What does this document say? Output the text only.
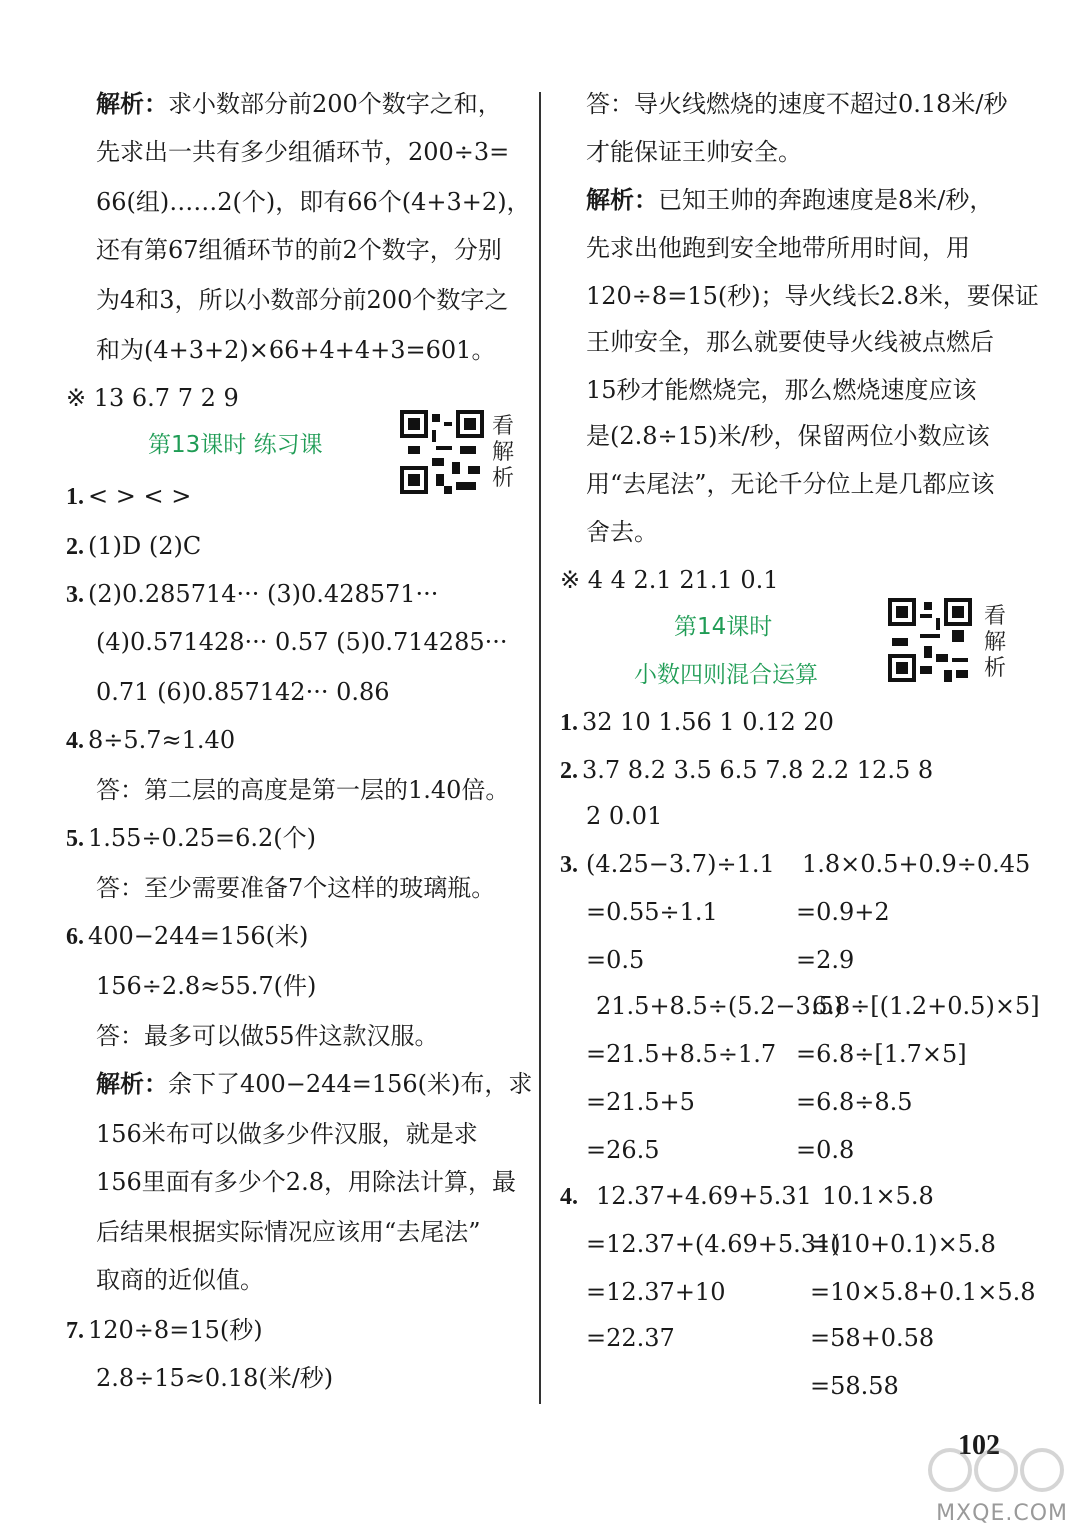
解析：求小数部分前200个数字之和，
先求出一共有多少组循环节，200÷3=
66(组)……2(个)，即有66个(4+3+2)，
还有第67组循环节的前2个数字，分别
为4和3，所以小数部分前200个数字之
和为(4+3+2)×66+4+4+3=601。
※ 13 6.7 7 2 9
第13课时 练习课
看解析
1. < > < >
2. (1)D (2)C
3. (2)0.285714··· (3)0.428571···
(4)0.571428··· 0.57 (5)0.714285···
0.71 (6)0.857142··· 0.86
4. 8÷5.7≈1.40
答：第二层的高度是第一层的1.40倍。
5. 1.55÷0.25=6.2(个)
答：至少需要准备7个这样的玻璃瓶。
6. 400−244=156(米)
156÷2.8≈55.7(件)
答：最多可以做55件这款汉服。
解析：余下了400−244=156(米)布，求
156米布可以做多少件汉服，就是求
156里面有多少个2.8，用除法计算，最
后结果根据实际情况应该用“去尾法”
取商的近似值。
7. 120÷8=15(秒)
2.8÷15≈0.18(米/秒)
答：导火线燃烧的速度不超过0.18米/秒
才能保证王帅安全。
解析：已知王帅的奔跑速度是8米/秒，
先求出他跑到安全地带所用时间，用
120÷8=15(秒)；导火线长2.8米，要保证
王帅安全，那么就要使导火线被点燃后
15秒才能燃烧完，那么燃烧速度应该
是(2.8÷15)米/秒，保留两位小数应该
用“去尾法”，无论千分位上是几都应该
舍去。
※ 4 4 2.1 21.1 0.1
第14课时
小数四则混合运算
看解析
1. 32 10 1.56 1 0.12 20
2. 3.7 8.2 3.5 6.5 7.8 2.2 12.5 8
2 0.01
3. (4.25−3.7)÷1.1
=0.55÷1.1
=0.5
21.5+8.5÷(5.2−3.5)
=21.5+8.5÷1.7
=21.5+5
=26.5
1.8×0.5+0.9÷0.45
=0.9+2
=2.9
6.8÷[(1.2+0.5)×5]
=6.8÷[1.7×5]
=6.8÷8.5
=0.8
4. 12.37+4.69+5.31
=12.37+(4.69+5.31)
=12.37+10
=22.37
10.1×5.8
=(10+0.1)×5.8
=10×5.8+0.1×5.8
=58+0.58
=58.58
102
MXQE.COM
